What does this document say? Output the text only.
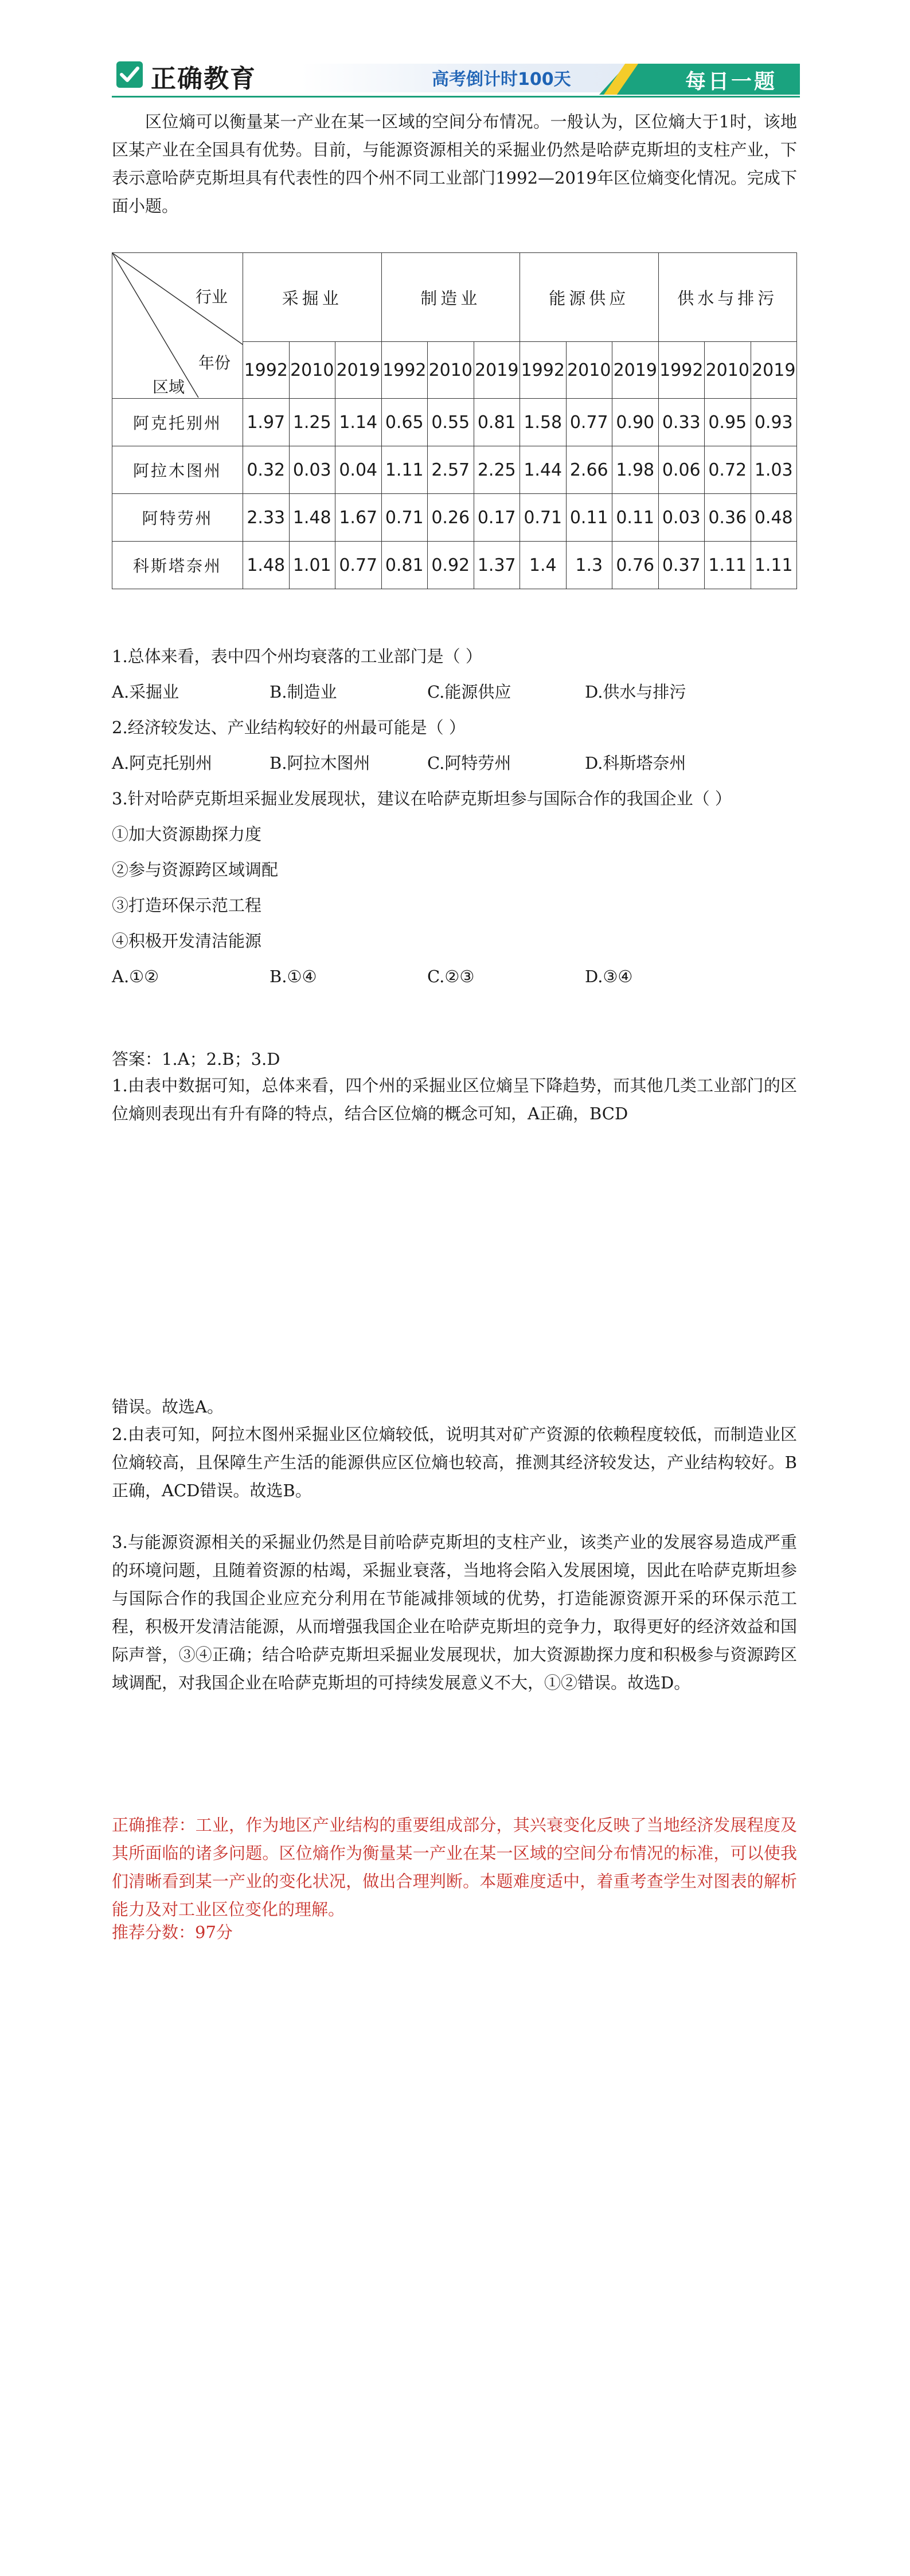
正确教育	高考倒计时100天	每日一题
区位熵可以衡量某一产业在某一区域的空间分布情况。一般认为，区位熵大于1时，该地区某产业在全国具有优势。目前，与能源资源相关的采掘业仍然是哈萨克斯坦的支柱产业，下表示意哈萨克斯坦具有代表性的四个州不同工业部门1992—2019年区位熵变化情况。完成下面小题。
行业
年份
区域	采掘业			制造业			能源供应			供水与排污		
	1992	2010	2019	1992	2010	2019	1992	2010	2019	1992	2010	2019
阿克托别州	1.97	1.25	1.14	0.65	0.55	0.81	1.58	0.77	0.90	0.33	0.95	0.93
阿拉木图州	0.32	0.03	0.04	1.11	2.57	2.25	1.44	2.66	1.98	0.06	0.72	1.03
阿特劳州	2.33	1.48	1.67	0.71	0.26	0.17	0.71	0.11	0.11	0.03	0.36	0.48
科斯塔奈州	1.48	1.01	0.77	0.81	0.92	1.37	1.4	1.3	0.76	0.37	1.11	1.11
1.总体来看，表中四个州均衰落的工业部门是（ ）
A.采掘业	B.制造业	C.能源供应	D.供水与排污
2.经济较发达、产业结构较好的州最可能是（ ）
A.阿克托别州	B.阿拉木图州	C.阿特劳州	D.科斯塔奈州
3.针对哈萨克斯坦采掘业发展现状，建议在哈萨克斯坦参与国际合作的我国企业（ ）
①加大资源勘探力度
②参与资源跨区域调配
③打造环保示范工程
④积极开发清洁能源
A.①②	B.①④	C.②③	D.③④
答案：1.A；2.B；3.D
1.由表中数据可知，总体来看，四个州的采掘业区位熵呈下降趋势，而其他几类工业部门的区位熵则表现出有升有降的特点，结合区位熵的概念可知，A正确，BCD
错误。故选A。
2.由表可知，阿拉木图州采掘业区位熵较低，说明其对矿产资源的依赖程度较低，而制造业区位熵较高，且保障生产生活的能源供应区位熵也较高，推测其经济较发达，产业结构较好。B正确，ACD错误。故选B。
3.与能源资源相关的采掘业仍然是目前哈萨克斯坦的支柱产业，该类产业的发展容易造成严重的环境问题，且随着资源的枯竭，采掘业衰落，当地将会陷入发展困境，因此在哈萨克斯坦参与国际合作的我国企业应充分利用在节能减排领域的优势，打造能源资源开采的环保示范工程，积极开发清洁能源，从而增强我国企业在哈萨克斯坦的竞争力，取得更好的经济效益和国际声誉，③④正确；结合哈萨克斯坦采掘业发展现状，加大资源勘探力度和积极参与资源跨区域调配，对我国企业在哈萨克斯坦的可持续发展意义不大，①②错误。故选D。
正确推荐：工业，作为地区产业结构的重要组成部分，其兴衰变化反映了当地经济发展程度及其所面临的诸多问题。区位熵作为衡量某一产业在某一区域的空间分布情况的标准，可以使我们清晰看到某一产业的变化状况，做出合理判断。本题难度适中，着重考查学生对图表的解析能力及对工业区位变化的理解。
推荐分数：97分
